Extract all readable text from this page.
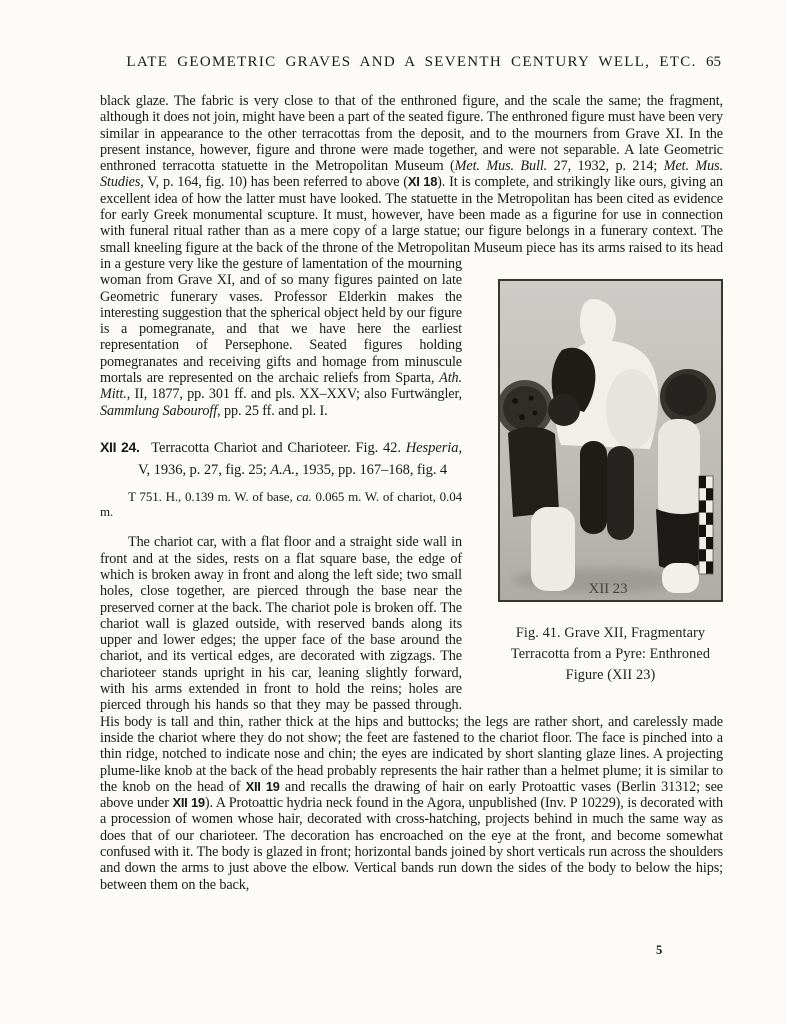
LATE GEOMETRIC GRAVES AND A SEVENTH CENTURY WELL, ETC. 65
black glaze. The fabric is very close to that of the enthroned figure, and the scale the same; the fragment, although it does not join, might have been a part of the seated figure. The enthroned figure must have been very similar in appearance to the other terracottas from the deposit, and to the mourners from Grave XI. In the present instance, however, figure and throne were made together, and were not separable. A late Geometric enthroned terracotta statuette in the Metropolitan Museum (Met. Mus. Bull. 27, 1932, p. 214; Met. Mus. Studies, V, p. 164, fig. 10) has been referred to above (XI 18). It is complete, and strikingly like ours, giving an excellent idea of how the latter must have looked. The statuette in the Metropolitan has been cited as evidence for early Greek monumental scupture. It must, however, have been made as a figurine for use in connection with funeral ritual rather than as a mere copy of a large statue; our figure belongs in a funerary context. The small kneeling figure at the back of the throne of the Metropolitan
XII 23
Fig. 41. Grave XII, Fragmentary
Terracotta from a Pyre: Enthroned
Figure (XII 23)
Museum piece has its arms raised to its head in a gesture very like the gesture of lamentation of the mourning woman from Grave XI, and of so many figures painted on late Geometric funerary vases. Professor Elderkin makes the interesting suggestion that the spherical object held by our figure is a pomegranate, and that we have here the earliest representation of Persephone. Seated figures holding pomegranates and receiving gifts and homage from minuscule mortals are represented on the archaic reliefs from Sparta, Ath. Mitt., II, 1877, pp. 301 ff. and pls. XX–XXV; also Furtwängler, Sammlung Sabouroff, pp. 25 ff. and pl. I.
XII 24. Terracotta Chariot and Charioteer. Fig. 42. Hesperia, V, 1936, p. 27, fig. 25; A.A., 1935, pp. 167–168, fig. 4
T 751. H., 0.139 m. W. of base, ca. 0.065 m. W. of chariot, 0.04 m.
The chariot car, with a flat floor and a straight side wall in front and at the sides, rests on a flat square base, the edge of which is broken away in front and along the left side; two small holes, close together, are pierced through the base near the preserved corner at the back. The chariot pole is broken off. The chariot wall is glazed outside, with reserved bands along its upper and lower edges; the upper face of the base around the chariot, and its vertical edges, are decorated with zigzags. The charioteer stands upright in his car, leaning slightly forward, with his arms extended in front to hold the reins; holes are pierced through his hands so that they may be passed through. His body is tall and thin, rather thick at the hips and buttocks; the legs are rather short, and carelessly made inside the chariot where they do not show; the feet are fastened to the chariot floor. The face is pinched into a thin ridge, notched to indicate nose and chin; the eyes are indicated by short slanting glaze lines. A projecting plume-like knob at the back of the head probably represents the hair rather than a helmet plume; it is similar to the knob on the head of XII 19 and recalls the drawing of hair on early Protoattic vases (Berlin 31312; see above under XII 19). A Protoattic hydria neck found in the Agora, unpublished (Inv. P 10229), is decorated with a procession of women whose hair, decorated with cross-hatching, projects behind in much the same way as does that of our charioteer. The decoration has encroached on the eye at the front, and become somewhat confused with it. The body is glazed in front; horizontal bands joined by short verticals run across the shoulders and down the arms to just above the elbow. Vertical bands run down the sides of the body to below the hips; between them on the back,
5
